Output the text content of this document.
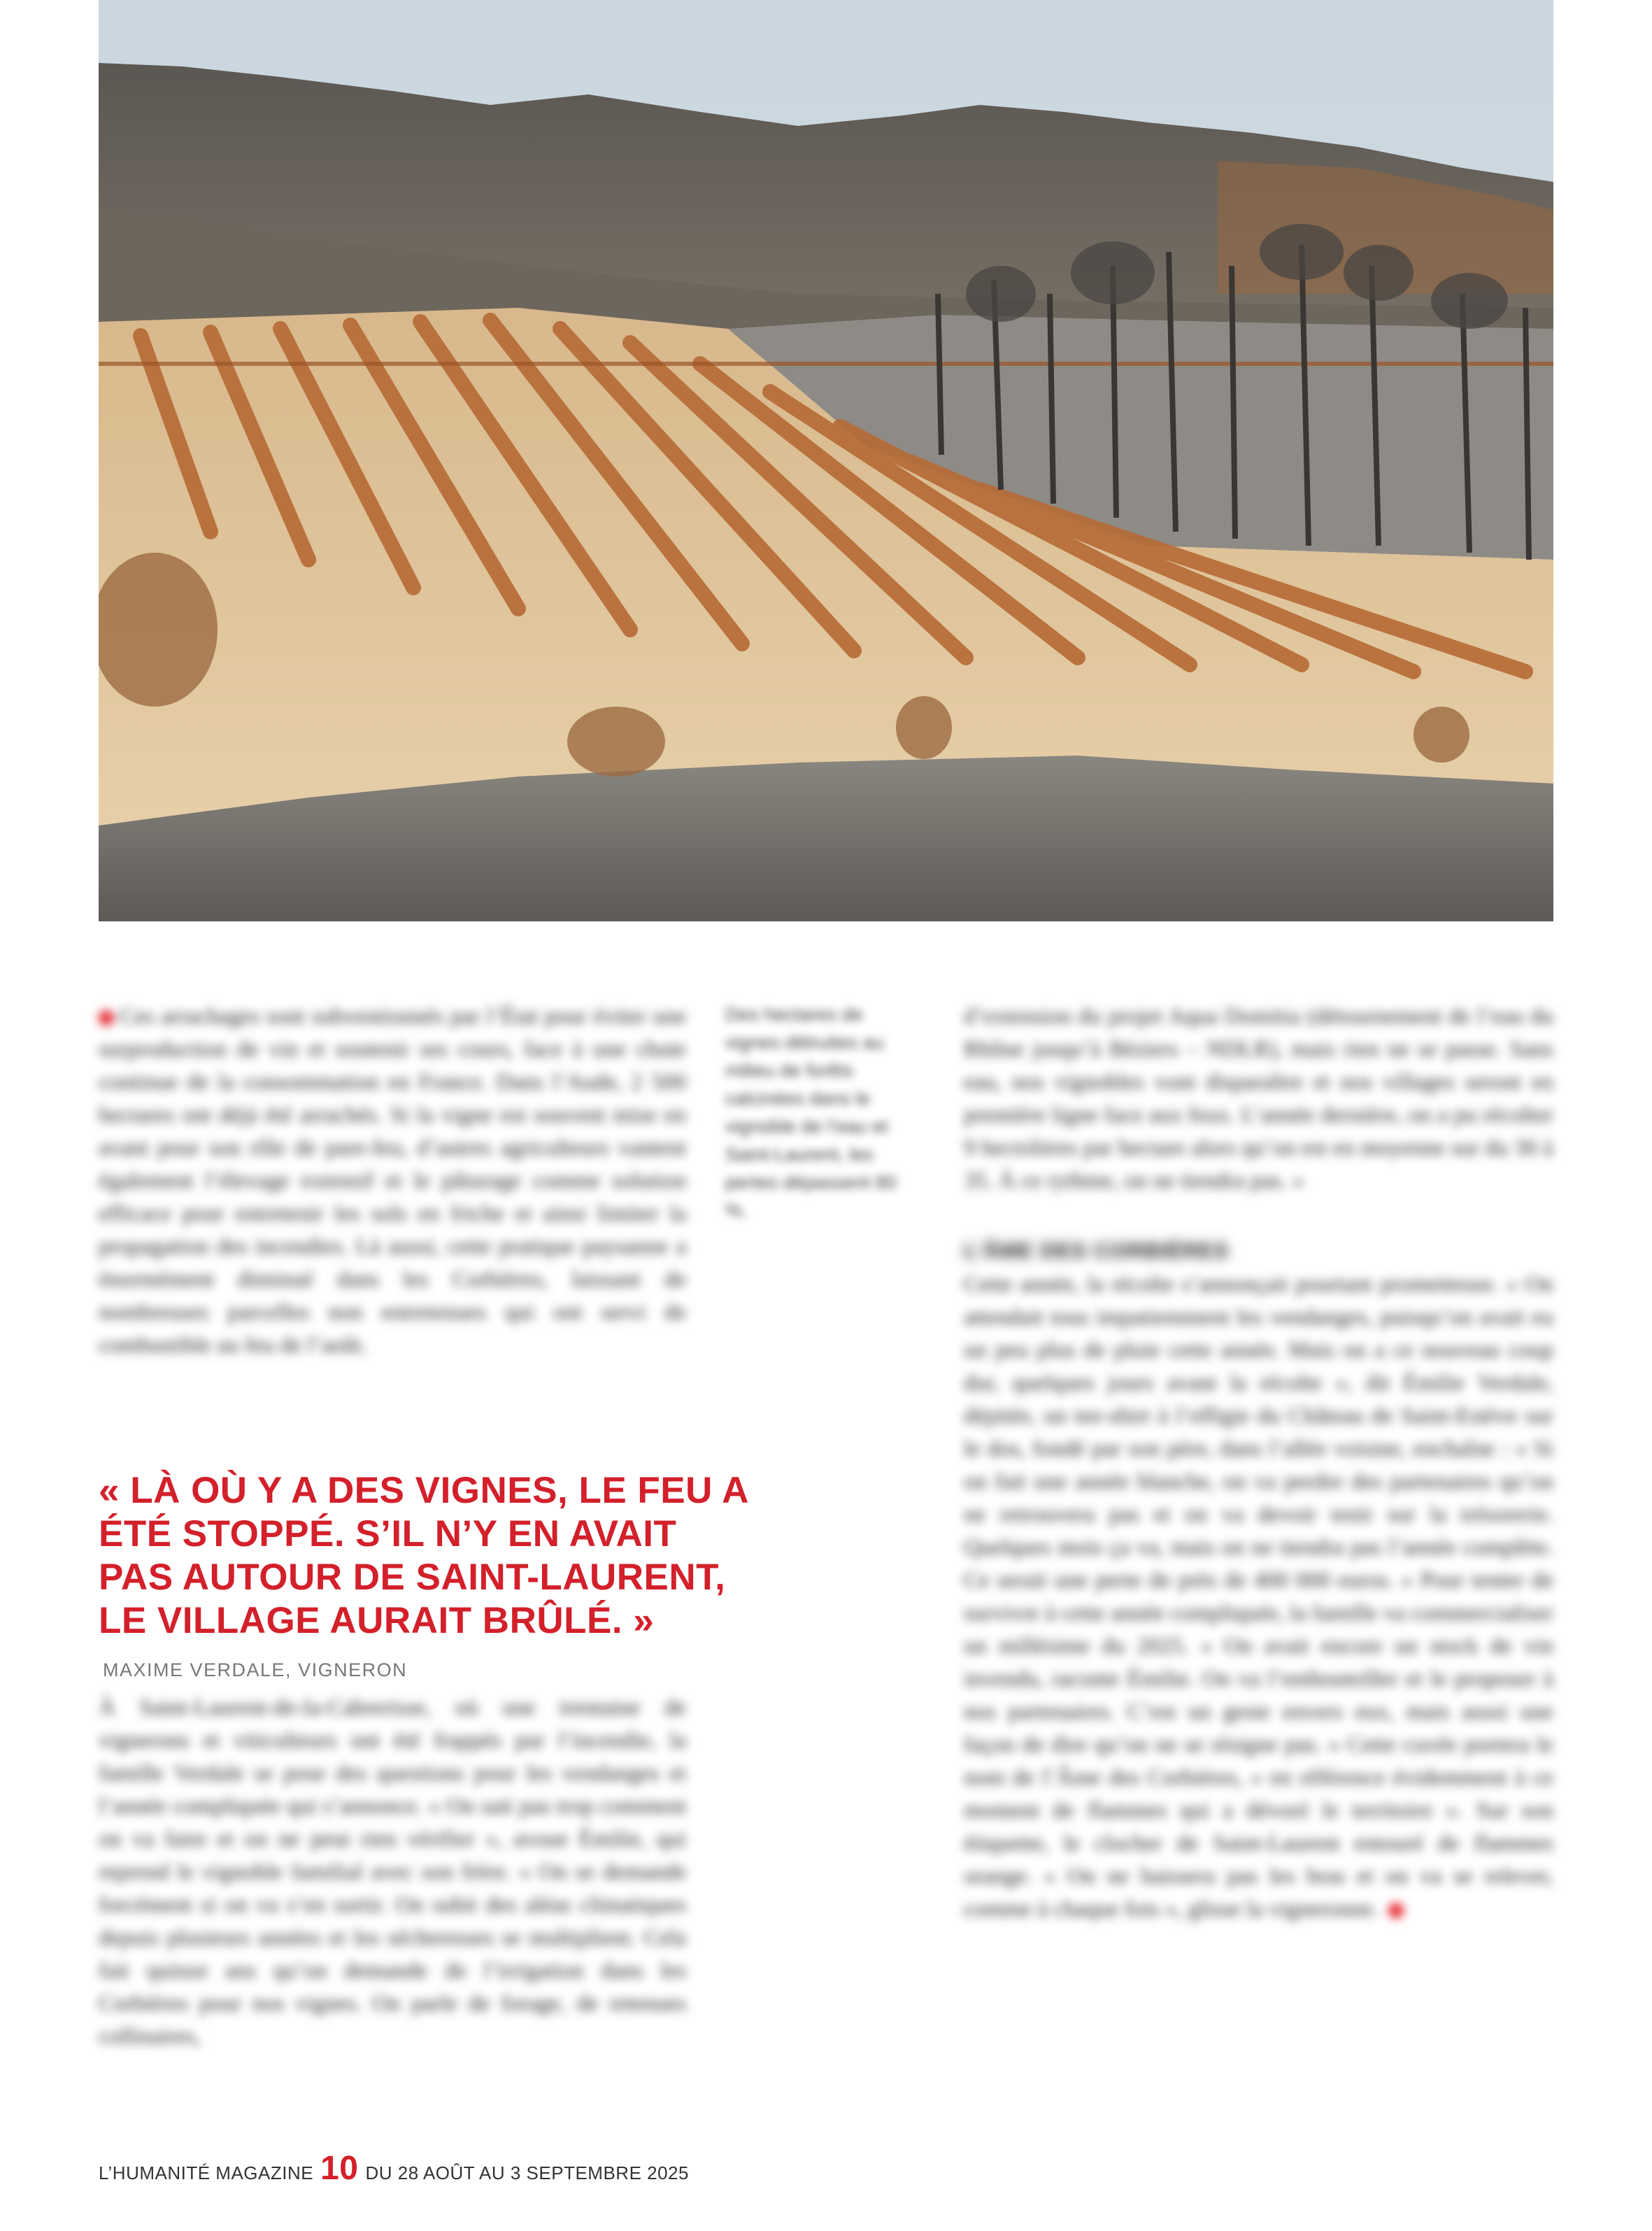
Ces arrachages sont subventionnés par l’État pour éviter une surproduction de vin et soutenir ses cours, face à une chute continue de la consommation en France. Dans l’Aude, 2 500 hectares ont déjà été arrachés. Si la vigne est souvent mise en avant pour son rôle de pare-feu, d’autres agriculteurs vantent également l’élevage extensif et le pâturage comme solution efficace pour entretenir les sols en friche et ainsi limiter la propagation des incendies. Là aussi, cette pratique paysanne a énormément diminué dans les Corbières, laissant de nombreuses parcelles non entretenues qui ont servi de combustible au feu de l’août.

Des hectares de vignes détruites au milieu de forêts calcinées dans le vignoble de l’eau et Saint-Laurent, les pertes dépassent 80 %.

d’extension du projet Aqua Domitia (détournement de l’eau du Rhône jusqu’à Béziers – NDLR), mais rien ne se passe. Sans eau, nos vignobles vont disparaître et nos villages seront en première ligne face aux feux. L’année dernière, on a pu récolter 9 hectolitres par hectare alors qu’on est en moyenne sur du 30 à 35. À ce rythme, on ne tiendra pas. »

L’ÂME DES CORBIÈRES

Cette année, la récolte s’annonçait pourtant prometteuse. « On attendait tous impatiemment les vendanges, puisqu’on avait eu un peu plus de pluie cette année. Mais on a ce nouveau coup dur, quelques jours avant la récolte », dit Émilie Verdale, dépitée, un tee-shirt à l’effigie du Château de Saint-Estève sur le dos, fondé par son père, dans l’allée voisine, enchaîne : « Si on fait une année blanche, on va perdre des partenaires qu’on ne retrouvera pas et on va devoir tenir sur la trésorerie. Quelques mois ça va, mais on ne tiendra pas l’année complète. Ce serait une perte de près de 400 000 euros. » Pour tenter de survivre à cette année compliquée, la famille va commercialiser un millésime du 2025. « On avait encore un stock de vin invendu, raconte Émilie. On va l’embouteiller et le proposer à nos partenaires. C’est un geste envers eux, mais aussi une façon de dire qu’on ne se résigne pas. » Cette cuvée portera le nom de l’Âme des Corbières, « en référence évidemment à ce moment de flammes qui a dévoré le territoire ». Sur son étiquette, le clocher de Saint-Laurent entouré de flammes orange. « On ne baissera pas les bras et on va se relever, comme à chaque fois », glisse la vigneronne.

« LÀ OÙ Y A DES VIGNES, LE FEU A ÉTÉ STOPPÉ. S’IL N’Y EN AVAIT PAS AUTOUR DE SAINT-LAURENT, LE VILLAGE AURAIT BRÛLÉ. » MAXIME VERDALE, VIGNERON

À Saint-Laurent-de-la-Cabrerisse, où une trentaine de vignerons et viticulteurs ont été frappés par l’incendie, la famille Verdale se pose des questions pour les vendanges et l’année compliquée qui s’annonce. « On sait pas trop comment on va faire et on ne peut rien vérifier », avoue Émilie, qui reprend le vignoble familial avec son frère. « On se demande forcément si on va s’en sortir. On subit des aléas climatiques depuis plusieurs années et les sécheresses se multiplient. Cela fait quinze ans qu’on demande de l’irrigation dans les Corbières pour nos vignes. On parle de forage, de retenues collinaires,

L’HUMANITÉ MAGAZINE 10 DU 28 AOÛT AU 3 SEPTEMBRE 2025
